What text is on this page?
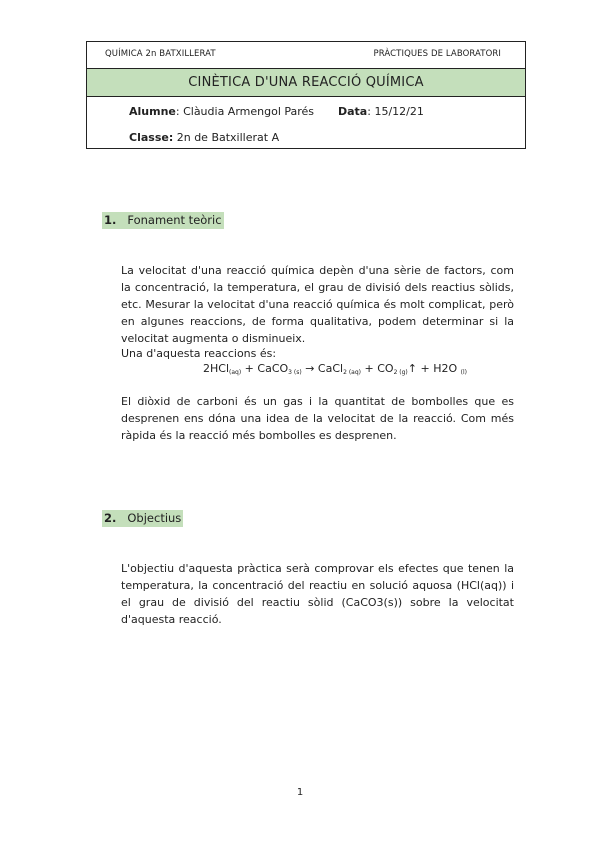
QUÍMICA 2n BATXILLERAT	PRÀCTIQUES DE LABORATORI
CINÈTICA D'UNA REACCIÓ QUÍMICA
Alumne: Clàudia Armengol Parés Data: 15/12/21
Classe: 2n de Batxillerat A
1. Fonament teòric
La velocitat d'una reacció química depèn d'una sèrie de factors, com la concentració, la temperatura, el grau de divisió dels reactius sòlids, etc. Mesurar la velocitat d'una reacció química és molt complicat, però en algunes reaccions, de forma qualitativa, podem determinar si la velocitat augmenta o disminueix.
Una d'aquesta reaccions és:
2HCl$_{(aq)}$ + CaCO$_{3 (s)}$ → CaCl$_{2 (aq)}$ + $CO_{2 (g)}↑ + H2O$ $_{(l)}$
El diòxid de carboni és un gas i la quantitat de bombolles que es desprenen ens dóna una idea de la velocitat de la reacció. Com més ràpida és la reacció més bombolles es desprenen.
2. Objectius
L'objectiu d'aquesta pràctica serà comprovar els efectes que tenen la temperatura, la concentració del reactiu en solució aquosa (HCl(aq)) i el grau de divisió del reactiu sòlid (CaCO3(s)) sobre la velocitat d'aquesta reacció.
1
